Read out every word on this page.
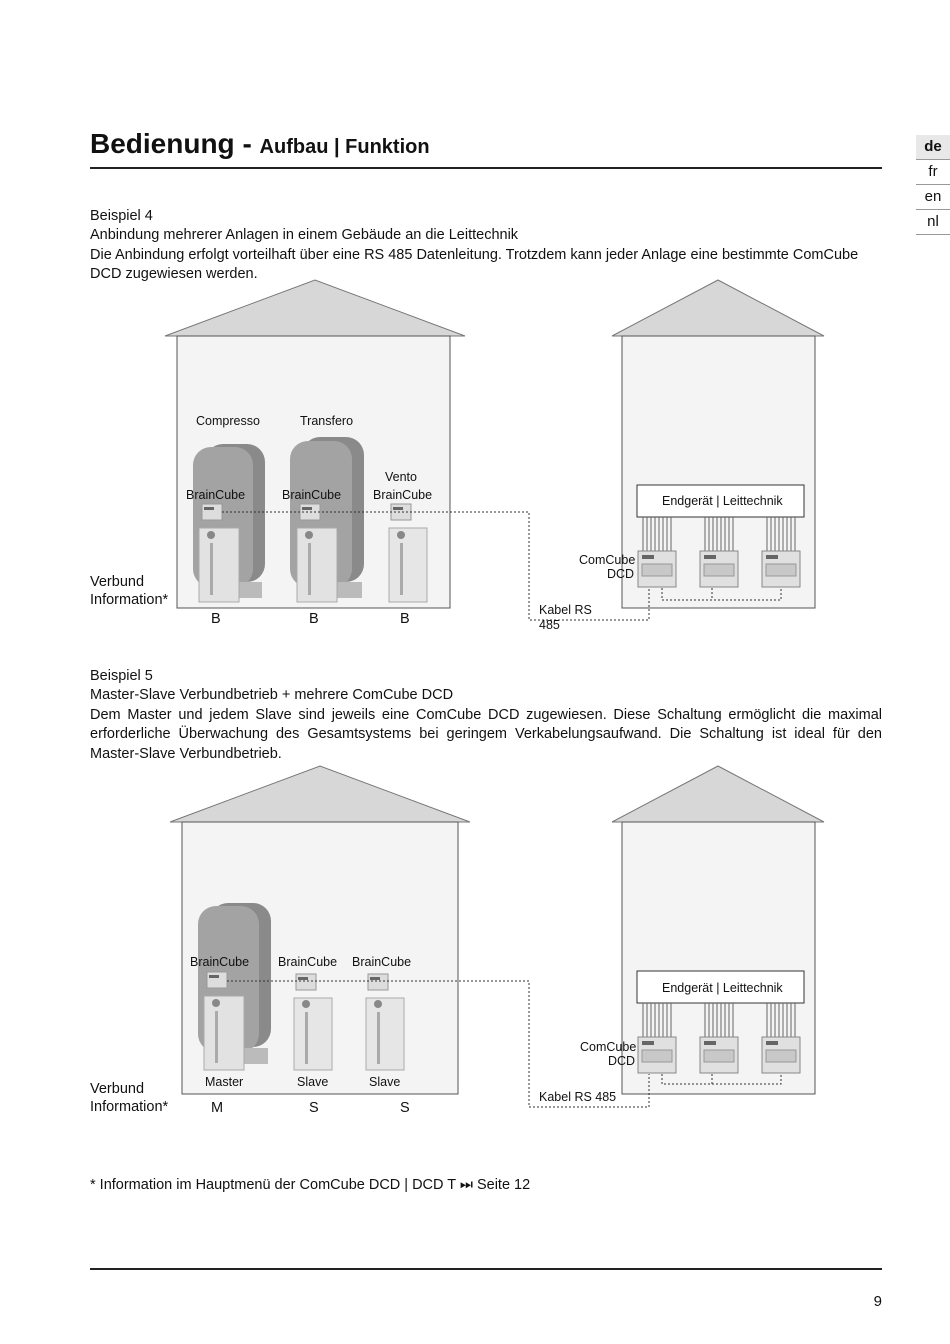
Bedienung - Aufbau | Funktion	de
fr
en
nl

Beispiel 4

Anbindung mehrerer Anlagen in einem Gebäude an die Leittechnik

Die Anbindung erfolgt vorteilhaft über eine RS 485 Datenleitung. Trotzdem kann jeder Anlage eine bestimmte ComCube DCD zugewiesen werden.

Compresso	Transfero
Vento
BrainCube	BrainCube	BrainCube	Endgerät | Leittechnik
ComCube
DCD
Kabel RS
485
Verbund
Information*
B	B	B

Beispiel 5

Master-Slave Verbundbetrieb + mehrere ComCube DCD

Dem Master und jedem Slave sind jeweils eine ComCube DCD zugewiesen. Diese Schaltung ermöglicht die maximal erforderliche Überwachung des Gesamtsystems bei geringem Verkabelungsaufwand. Die Schaltung ist ideal für den Master-Slave Verbundbetrieb.

BrainCube BrainCube BrainCube
Endgerät | Leittechnik
ComCube
DCD
Kabel RS 485
Master	Slave	Slave
Verbund
Information*	M	S	S
* Information im Hauptmenü der ComCube DCD | DCD T ⏭ Seite 12
9
